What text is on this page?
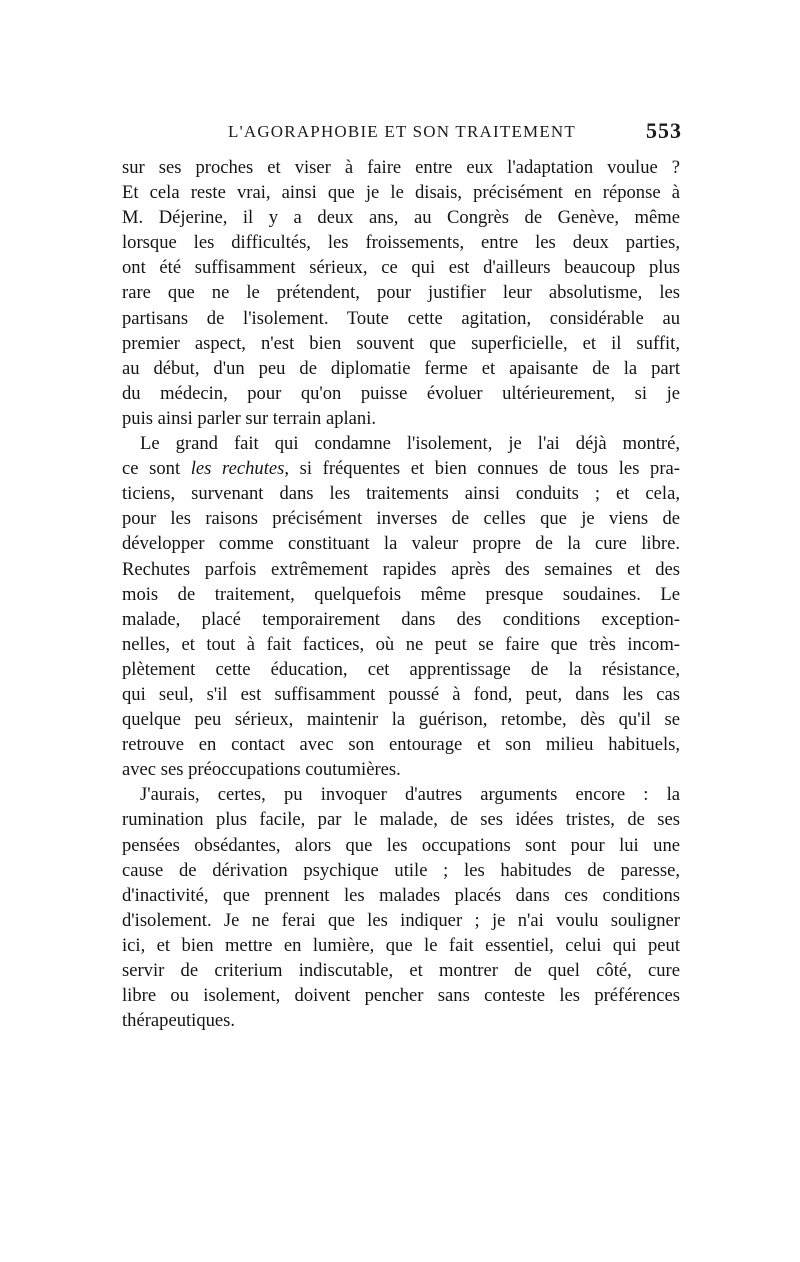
L'AGORAPHOBIE ET SON TRAITEMENT	553
sur ses proches et viser à faire entre eux l'adaptation voulue ?
Et cela reste vrai, ainsi que je le disais, précisément en réponse à
M. Déjerine, il y a deux ans, au Congrès de Genève, même
lorsque les difficultés, les froissements, entre les deux parties,
ont été suffisamment sérieux, ce qui est d'ailleurs beaucoup plus
rare que ne le prétendent, pour justifier leur absolutisme, les
partisans de l'isolement. Toute cette agitation, considérable au
premier aspect, n'est bien souvent que superficielle, et il suffit,
au début, d'un peu de diplomatie ferme et apaisante de la part
du médecin, pour qu'on puisse évoluer ultérieurement, si je
puis ainsi parler sur terrain aplani.
Le grand fait qui condamne l'isolement, je l'ai déjà montré,
ce sont les rechutes, si fréquentes et bien connues de tous les pra-
ticiens, survenant dans les traitements ainsi conduits ; et cela,
pour les raisons précisément inverses de celles que je viens de
développer comme constituant la valeur propre de la cure libre.
Rechutes parfois extrêmement rapides après des semaines et des
mois de traitement, quelquefois même presque soudaines. Le
malade, placé temporairement dans des conditions exception-
nelles, et tout à fait factices, où ne peut se faire que très incom-
plètement cette éducation, cet apprentissage de la résistance,
qui seul, s'il est suffisamment poussé à fond, peut, dans les cas
quelque peu sérieux, maintenir la guérison, retombe, dès qu'il se
retrouve en contact avec son entourage et son milieu habituels,
avec ses préoccupations coutumières.
J'aurais, certes, pu invoquer d'autres arguments encore : la
rumination plus facile, par le malade, de ses idées tristes, de ses
pensées obsédantes, alors que les occupations sont pour lui une
cause de dérivation psychique utile ; les habitudes de paresse,
d'inactivité, que prennent les malades placés dans ces conditions
d'isolement. Je ne ferai que les indiquer ; je n'ai voulu souligner
ici, et bien mettre en lumière, que le fait essentiel, celui qui peut
servir de criterium indiscutable, et montrer de quel côté, cure
libre ou isolement, doivent pencher sans conteste les préférences
thérapeutiques.
